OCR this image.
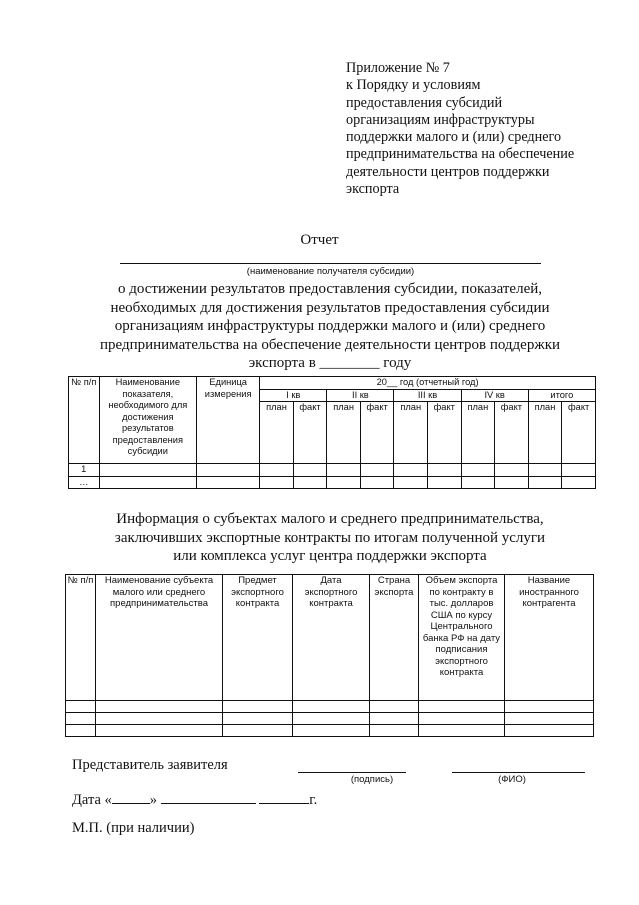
Приложение № 7
к Порядку и условиям
предоставления субсидий
организациям инфраструктуры
поддержки малого и (или) среднего
предпринимательства на обеспечение
деятельности центров поддержки
экспорта
Отчет
(наименование получателя субсидии)
о достижении результатов предоставления субсидии, показателей,
необходимых для достижения результатов предоставления субсидии
организациям инфраструктуры поддержки малого и (или) среднего
предпринимательства на обеспечение деятельности центров поддержки
экспорта в ________ году
№ п/п	Наименование показателя, необходимого для достижения результатов предоставления субсидии	Единица измерения	20__ год (отчетный год)									
			I кв		II кв		III кв		IV кв		итого	
			план	факт	план	факт	план	факт	план	факт	план	факт
1												
…												
Информация о субъектах малого и среднего предпринимательства,
заключивших экспортные контракты по итогам полученной услуги
или комплекса услуг центра поддержки экспорта
№ п/п	Наименование субъекта малого или среднего предпринимательства	Предмет экспортного контракта	Дата экспортного контракта	Страна экспорта	Объем экспорта по контракту в тыс. долларов США по курсу Центрального банка РФ на дату подписания экспортного контракта	Название иностранного контрагента

Представитель заявителя
(подпись)	(ФИО)
Дата «	»	г.
М.П. (при наличии)
